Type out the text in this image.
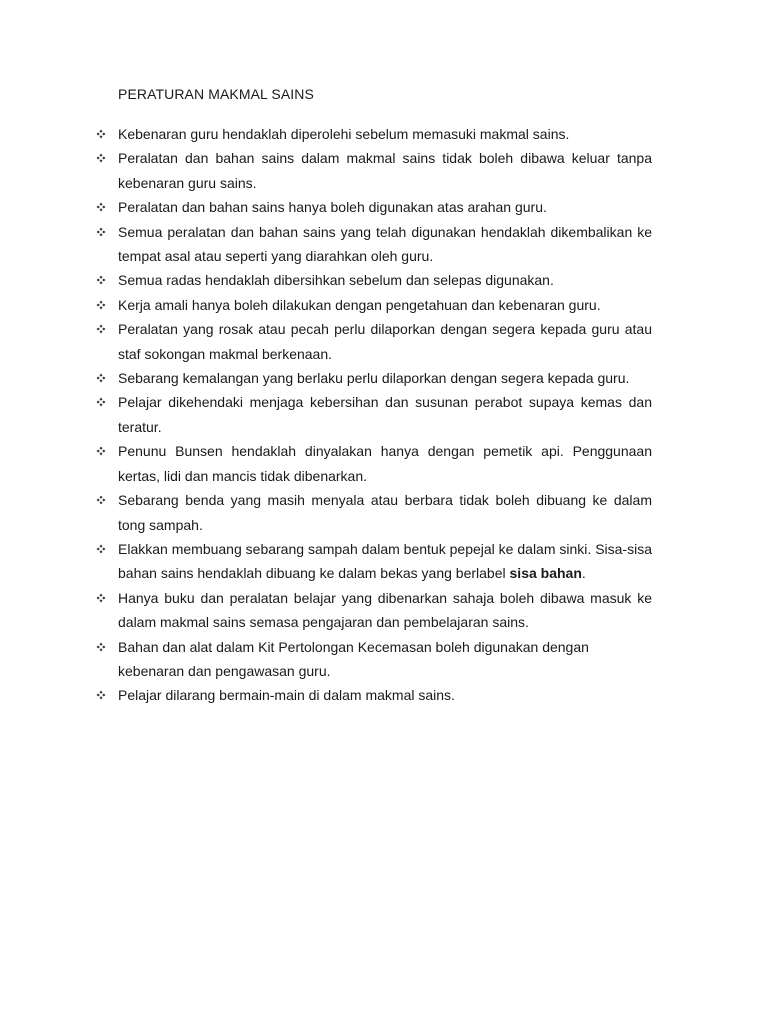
PERATURAN MAKMAL SAINS
Kebenaran guru hendaklah diperolehi sebelum memasuki makmal sains.
Peralatan dan bahan sains dalam makmal sains tidak boleh dibawa keluar tanpa kebenaran guru sains.
Peralatan dan bahan sains hanya boleh digunakan atas arahan guru.
Semua peralatan dan bahan sains yang telah digunakan hendaklah dikembalikan ke tempat asal atau seperti yang diarahkan oleh guru.
Semua radas hendaklah dibersihkan sebelum dan selepas digunakan.
Kerja amali hanya boleh dilakukan dengan pengetahuan dan kebenaran guru.
Peralatan yang rosak atau pecah perlu dilaporkan dengan segera kepada guru atau staf sokongan makmal berkenaan.
Sebarang kemalangan yang berlaku perlu dilaporkan dengan segera kepada guru.
Pelajar dikehendaki menjaga kebersihan dan susunan perabot supaya kemas dan teratur.
Penunu Bunsen hendaklah dinyalakan hanya dengan pemetik api. Penggunaan kertas, lidi dan mancis tidak dibenarkan.
Sebarang benda yang masih menyala atau berbara tidak boleh dibuang ke dalam tong sampah.
Elakkan membuang sebarang sampah dalam bentuk pepejal ke dalam sinki. Sisa-sisa bahan sains hendaklah dibuang ke dalam bekas yang berlabel sisa bahan.
Hanya buku dan peralatan belajar yang dibenarkan sahaja boleh dibawa masuk ke dalam makmal sains semasa pengajaran dan pembelajaran sains.
Bahan dan alat dalam Kit Pertolongan Kecemasan boleh digunakan dengan kebenaran dan pengawasan guru.
Pelajar dilarang bermain-main di dalam makmal sains.
